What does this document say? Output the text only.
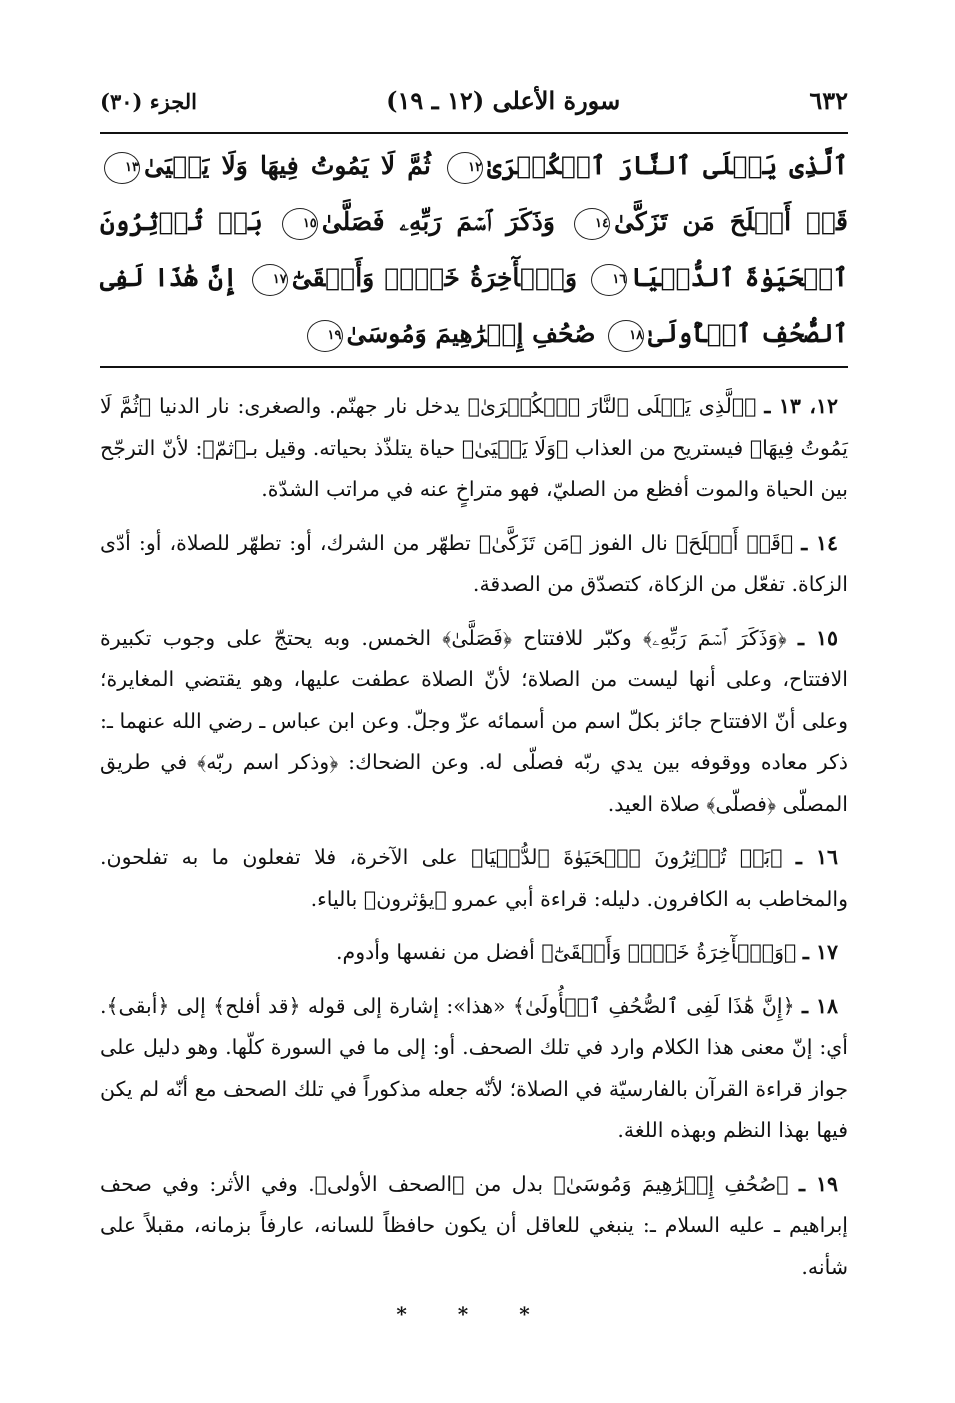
٦٣٢
سورة الأعلى (١٢ ـ ١٩)
الجزء (٣٠)
ٱلَّذِى يَصۡلَى ٱلنَّارَ ٱلۡكُبۡرَىٰ١٢ ثُمَّ لَا يَمُوتُ فِيهَا وَلَا يَحۡيَىٰ١٣ قَدۡ أَفۡلَحَ مَن تَزَكَّىٰ١٤ وَذَكَرَ ٱسۡمَ رَبِّهِۦ فَصَلَّىٰ١٥ بَلۡ تُؤۡثِرُونَ ٱلۡحَيَوٰةَ ٱلدُّنۡيَا١٦ وَٱلۡأٓخِرَةُ خَيۡرٞ وَأَبۡقَىٰٓ١٧ إِنَّ هَٰذَا لَفِى ٱلصُّحُفِ ٱلۡأُولَىٰ١٨ صُحُفِ إِبۡرَٰهِيمَ وَمُوسَىٰ١٩

١٢، ١٣ ـ ﴿ٱلَّذِى يَصۡلَى ٱلنَّارَ ٱلۡكُبۡرَىٰ﴾ يدخل نار جهنّم. والصغرى: نار الدنيا ﴿ثُمَّ لَا يَمُوتُ فِيهَا﴾ فيستريح من العذاب ﴿وَلَا يَحۡيَىٰ﴾ حياة يتلذّذ بحياته. وقيل بـ﴿ثمّ﴾: لأنّ الترجّح بين الحياة والموت أفظع من الصليّ، فهو متراخٍ عنه في مراتب الشدّة.

١٤ ـ ﴿قَدۡ أَفۡلَحَ﴾ نال الفوز ﴿مَن تَزَكَّىٰ﴾ تطهّر من الشرك، أو: تطهّر للصلاة، أو: أدّى الزكاة. تفعّل من الزكاة، كتصدّق من الصدقة.

١٥ ـ ﴿وَذَكَرَ ٱسۡمَ رَبِّهِۦ﴾ وكبّر للافتتاح ﴿فَصَلَّىٰ﴾ الخمس. وبه يحتجّ على وجوب تكبيرة الافتتاح، وعلى أنها ليست من الصلاة؛ لأنّ الصلاة عطفت عليها، وهو يقتضي المغايرة؛ وعلى أنّ الافتتاح جائز بكلّ اسم من أسمائه عزّ وجلّ. وعن ابن عباس ـ رضي الله عنهما ـ: ذكر معاده ووقوفه بين يدي ربّه فصلّى له. وعن الضحاك: ﴿وذكر اسم ربّه﴾ في طريق المصلّى ﴿فصلّى﴾ صلاة العيد.

١٦ ـ ﴿بَلۡ تُؤۡثِرُونَ ٱلۡحَيَوٰةَ ٱلدُّنۡيَا﴾ على الآخرة، فلا تفعلون ما به تفلحون. والمخاطب به الكافرون. دليله: قراءة أبي عمرو ﴿يؤثرون﴾ بالياء.

١٧ ـ ﴿وَٱلۡأٓخِرَةُ خَيۡرٞ وَأَبۡقَىٰٓ﴾ أفضل من نفسها وأدوم.

١٨ ـ ﴿إِنَّ هَٰذَا لَفِى ٱلصُّحُفِ ٱلۡأُولَىٰ﴾ «هذا»: إشارة إلى قوله ﴿قد أفلح﴾ إلى ﴿أبقى﴾. أي: إنّ معنى هذا الكلام وارد في تلك الصحف. أو: إلى ما في السورة كلّها. وهو دليل على جواز قراءة القرآن بالفارسيّة في الصلاة؛ لأنّه جعله مذكوراً في تلك الصحف مع أنّه لم يكن فيها بهذا النظم وبهذه اللغة.

١٩ ـ ﴿صُحُفِ إِبۡرَٰهِيمَ وَمُوسَىٰ﴾ بدل من ﴿الصحف الأولى﴾. وفي الأثر: وفي صحف إبراهيم ـ عليه السلام ـ: ينبغي للعاقل أن يكون حافظاً للسانه، عارفاً بزمانه، مقبلاً على شأنه.

* * *
